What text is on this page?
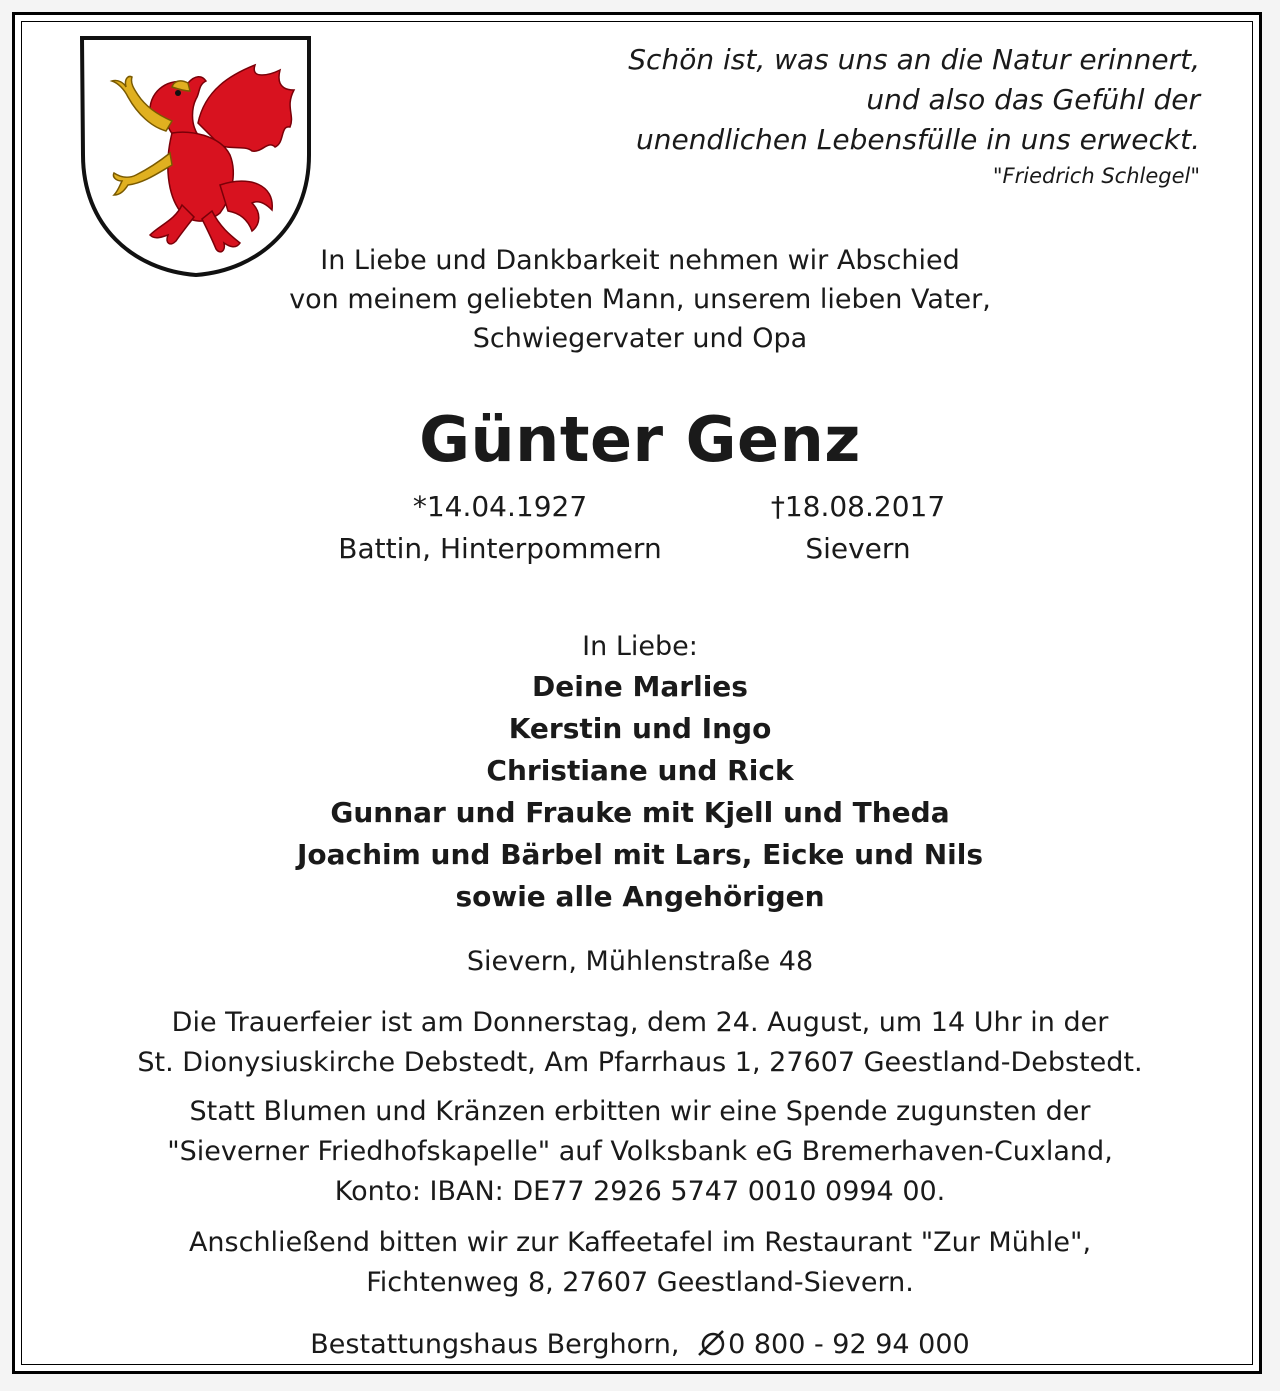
Schön ist, was uns an die Natur erinnert,
und also das Gefühl der
unendlichen Lebensfülle in uns erweckt.
"Friedrich Schlegel"
In Liebe und Dankbarkeit nehmen wir Abschied
von meinem geliebten Mann, unserem lieben Vater,
Schwiegervater und Opa
Günter Genz
*14.04.1927
Battin, Hinterpommern
†18.08.2017
Sievern
In Liebe:
Deine Marlies
Kerstin und Ingo
Christiane und Rick
Gunnar und Frauke mit Kjell und Theda
Joachim und Bärbel mit Lars, Eicke und Nils
sowie alle Angehörigen
Sievern, Mühlenstraße 48
Die Trauerfeier ist am Donnerstag, dem 24. August, um 14 Uhr in der
St. Dionysiuskirche Debstedt, Am Pfarrhaus 1, 27607 Geestland-Debstedt.
Statt Blumen und Kränzen erbitten wir eine Spende zugunsten der
"Sieverner Friedhofskapelle" auf Volksbank eG Bremerhaven-Cuxland,
Konto: IBAN: DE77 2926 5747 0010 0994 00.
Anschließend bitten wir zur Kaffeetafel im Restaurant "Zur Mühle",
Fichtenweg 8, 27607 Geestland-Sievern.
Bestattungshaus Berghorn, 0 800 - 92 94 000
